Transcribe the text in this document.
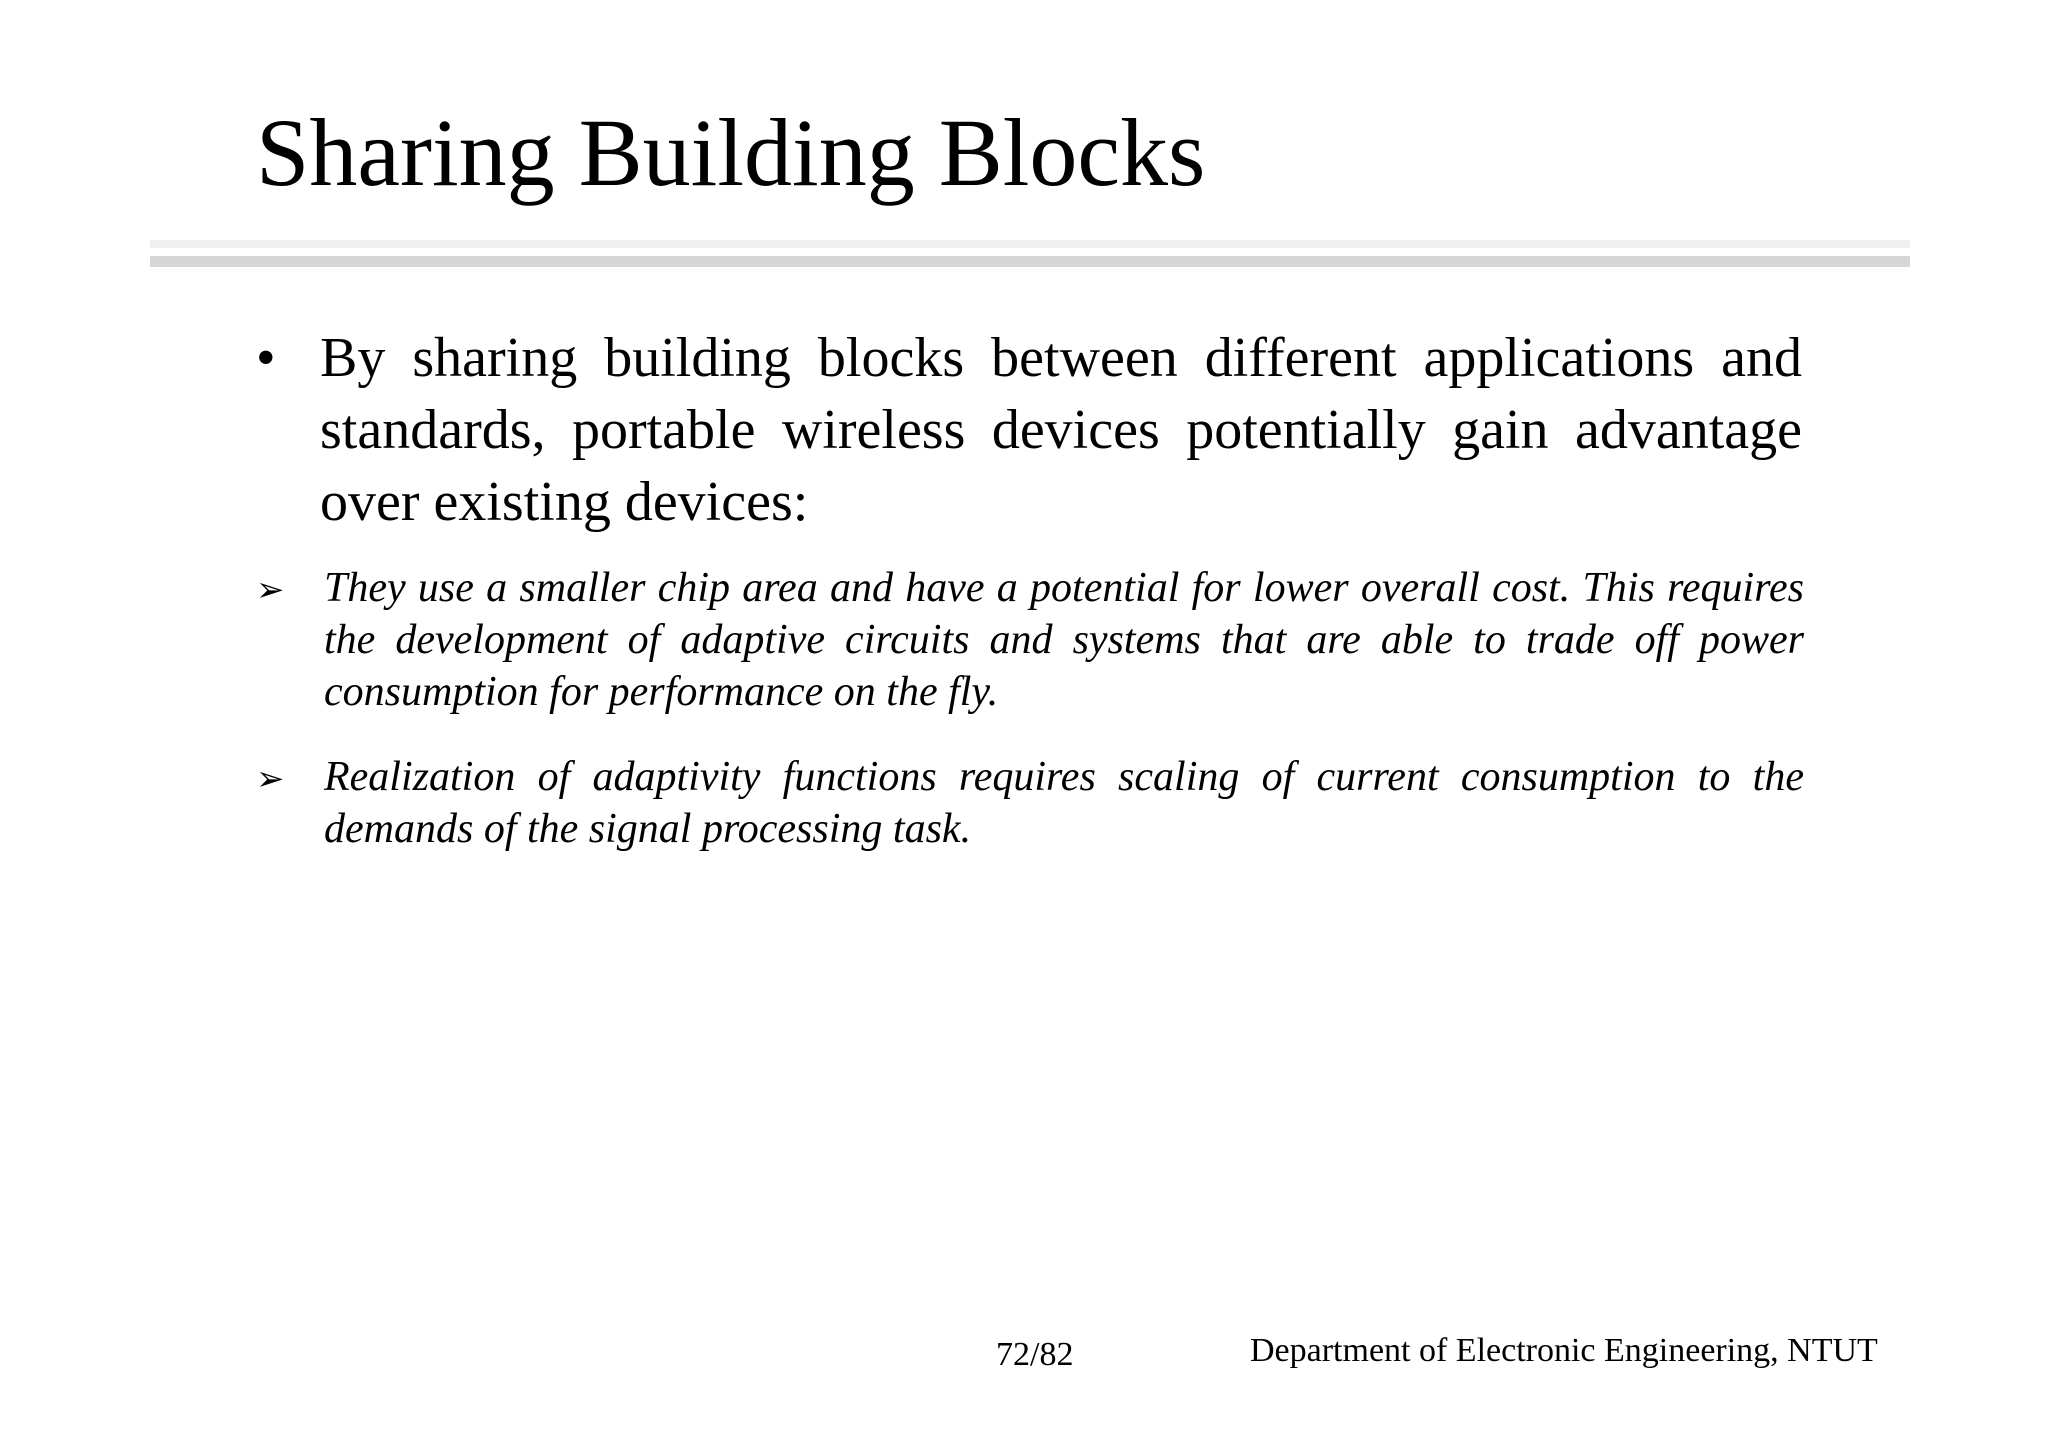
Sharing Building Blocks
• By sharing building blocks between different applications and standards, portable wireless devices potentially gain advantage over existing devices:
➢ They use a smaller chip area and have a potential for lower overall cost. This requires the development of adaptive circuits and systems that are able to trade off power consumption for performance on the fly.
➢ Realization of adaptivity functions requires scaling of current consumption to the demands of the signal processing task.
72/82	Department of Electronic Engineering, NTUT
